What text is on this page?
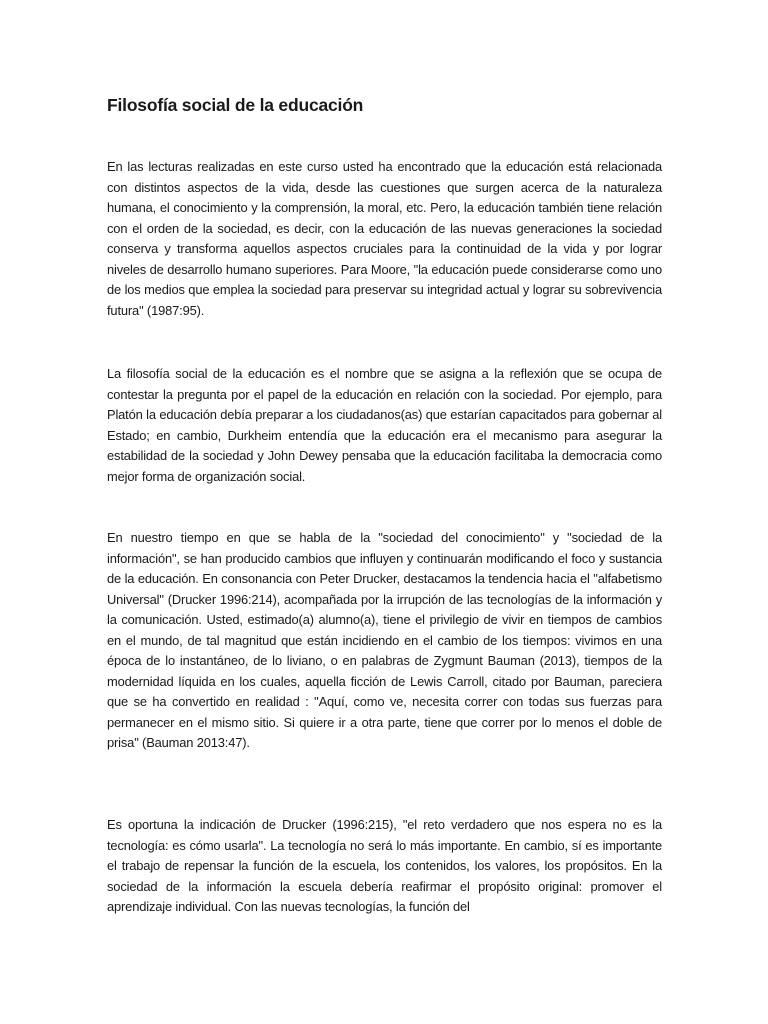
Filosofía social de la educación

En las lecturas realizadas en este curso usted ha encontrado que la educación está relacionada con distintos aspectos de la vida, desde las cuestiones que surgen acerca de la naturaleza humana, el conocimiento y la comprensión, la moral, etc. Pero, la educación también tiene relación con el orden de la sociedad, es decir, con la educación de las nuevas generaciones la sociedad conserva y transforma aquellos aspectos cruciales para la continuidad de la vida y por lograr niveles de desarrollo humano superiores. Para Moore, "la educación puede considerarse como uno de los medios que emplea la sociedad para preservar su integridad actual y lograr su sobrevivencia futura" (1987:95).

La filosofía social de la educación es el nombre que se asigna a la reflexión que se ocupa de contestar la pregunta por el papel de la educación en relación con la sociedad. Por ejemplo, para Platón la educación debía preparar a los ciudadanos(as) que estarían capacitados para gobernar al Estado; en cambio, Durkheim entendía que la educación era el mecanismo para asegurar la estabilidad de la sociedad y John Dewey pensaba que la educación facilitaba la democracia como mejor forma de organización social.

En nuestro tiempo en que se habla de la "sociedad del conocimiento" y "sociedad de la información", se han producido cambios que influyen y continuarán modificando el foco y sustancia de la educación. En consonancia con Peter Drucker, destacamos la tendencia hacia el "alfabetismo Universal" (Drucker 1996:214), acompañada por la irrupción de las tecnologías de la información y la comunicación. Usted, estimado(a) alumno(a), tiene el privilegio de vivir en tiempos de cambios en el mundo, de tal magnitud que están incidiendo en el cambio de los tiempos: vivimos en una época de lo instantáneo, de lo liviano, o en palabras de Zygmunt Bauman (2013), tiempos de la modernidad líquida en los cuales, aquella ficción de Lewis Carroll, citado por Bauman, pareciera que se ha convertido en realidad : "Aquí, como ve, necesita correr con todas sus fuerzas para permanecer en el mismo sitio. Si quiere ir a otra parte, tiene que correr por lo menos el doble de prisa" (Bauman 2013:47).

Es oportuna la indicación de Drucker (1996:215), "el reto verdadero que nos espera no es la tecnología: es cómo usarla". La tecnología no será lo más importante. En cambio, sí es importante el trabajo de repensar la función de la escuela, los contenidos, los valores, los propósitos. En la sociedad de la información la escuela debería reafirmar el propósito original: promover el aprendizaje individual. Con las nuevas tecnologías, la función del
